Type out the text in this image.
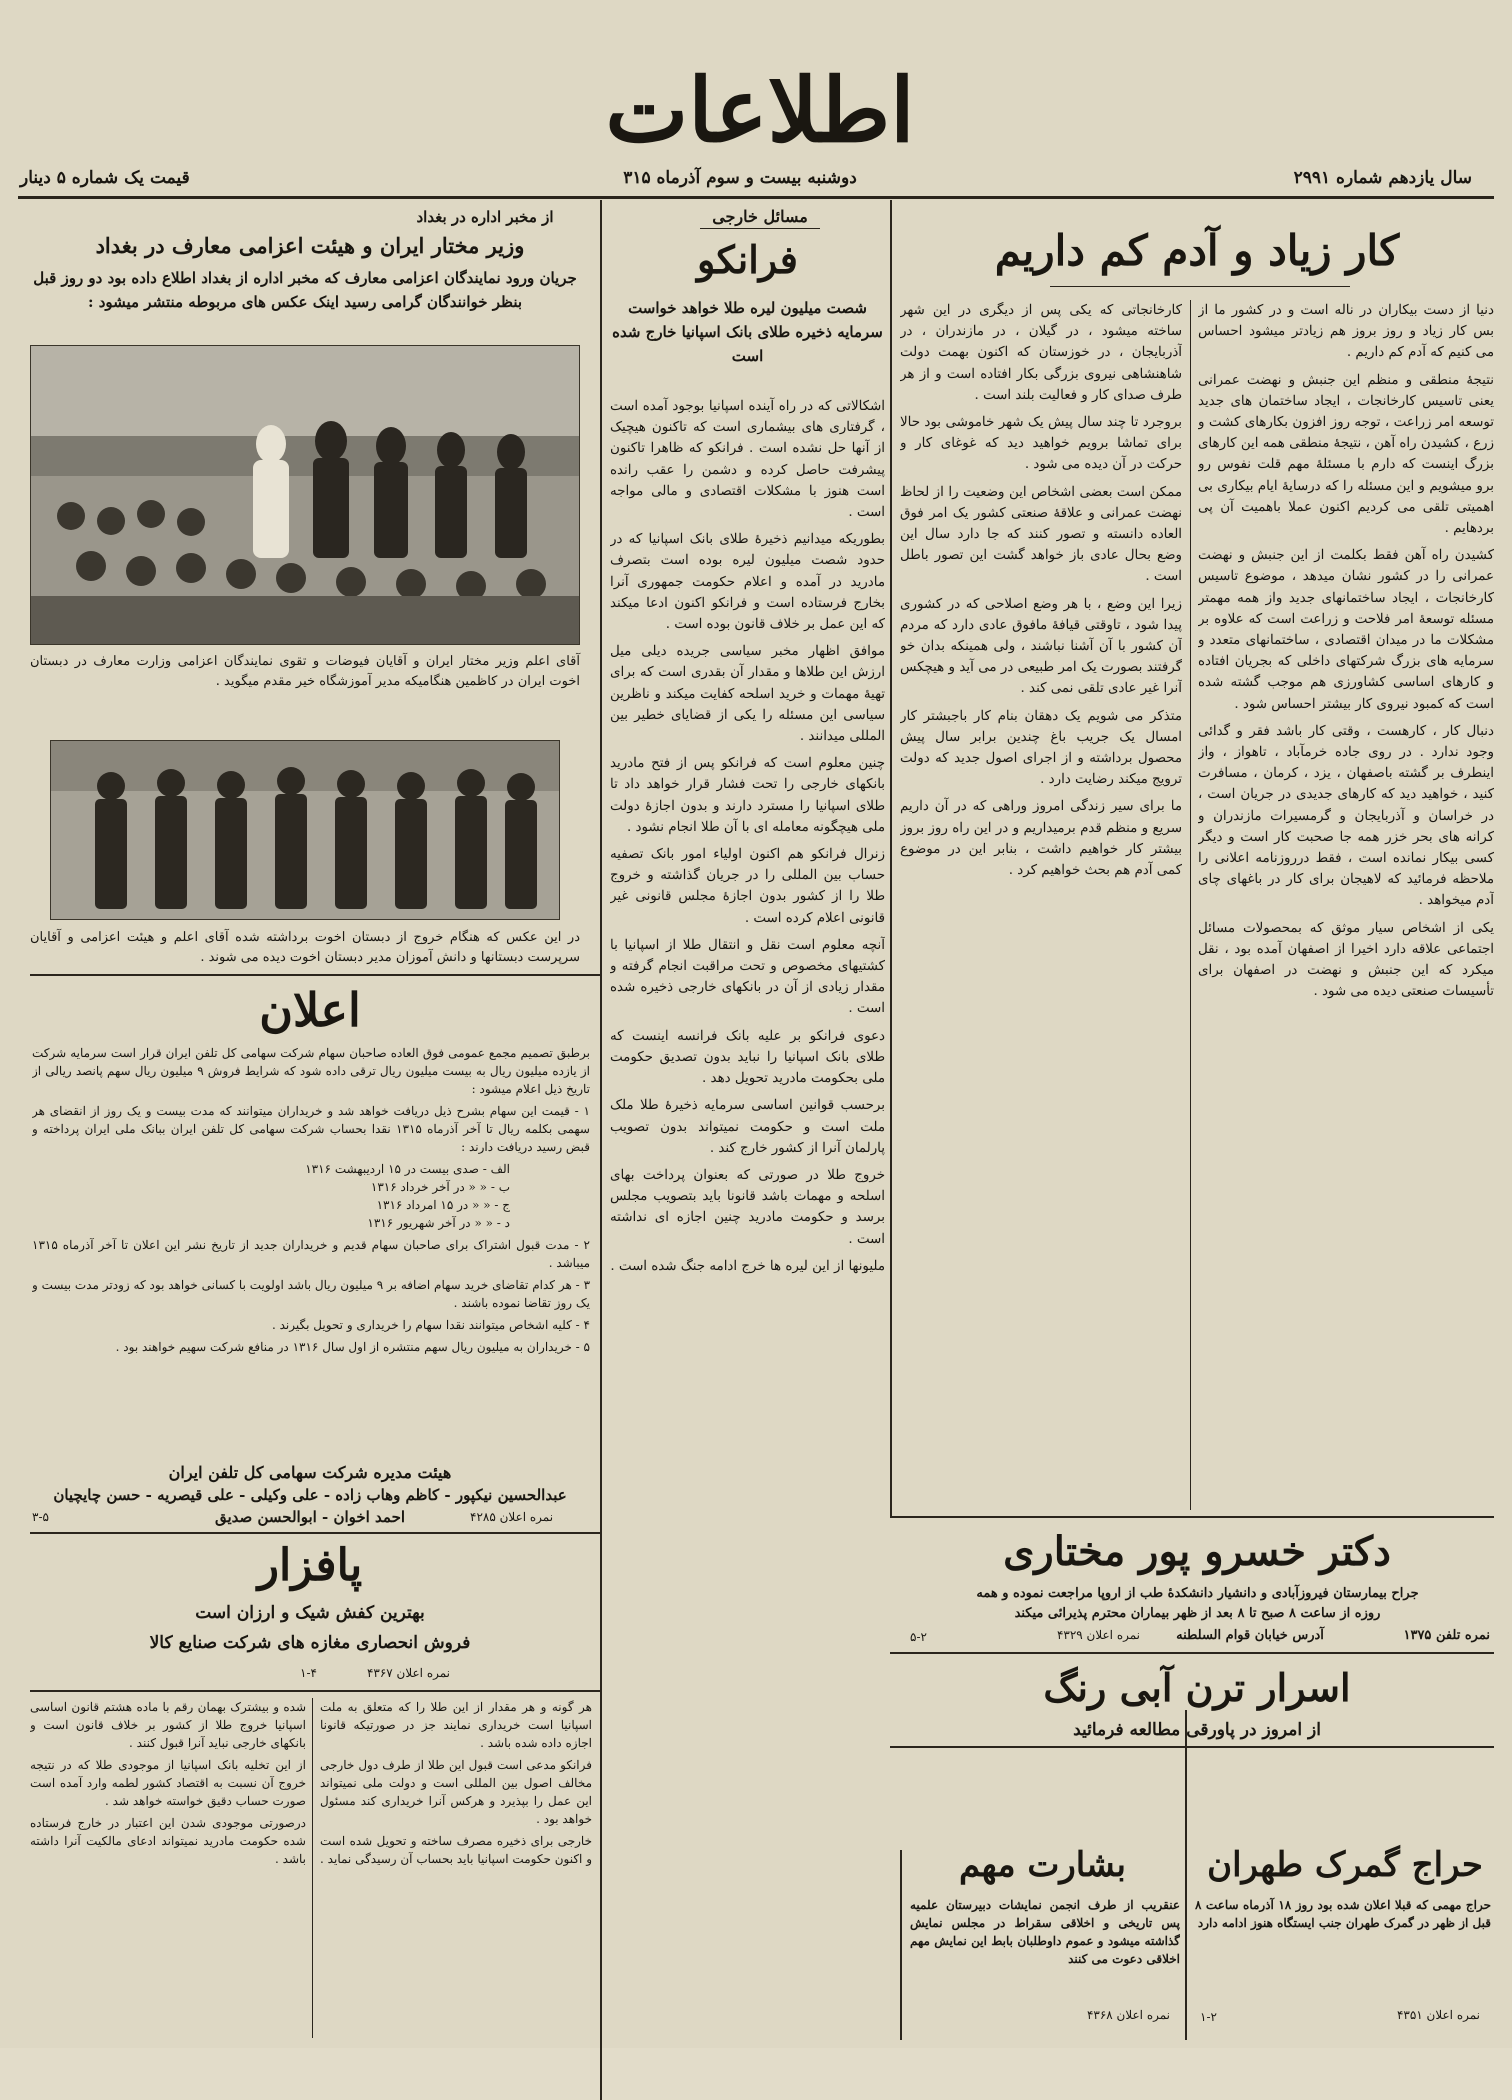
اطلاعات
سال یازدهم شماره ۲۹۹۱
دوشنبه بیست و سوم آذرماه ۳۱۵
قیمت یک شماره ۵ دینار
کار زیاد و آدم کم داریم

دنیا از دست بیکاران در ناله است و در کشور ما از بس کار زیاد و روز بروز هم زیادتر میشود احساس می کنیم که آدم کم داریم .

نتیجهٔ منطقی و منظم این جنبش و نهضت عمرانی یعنی تاسیس کارخانجات ، ایجاد ساختمان های جدید توسعه امر زراعت ، توجه روز افزون بکارهای کشت و زرع ، کشیدن راه آهن ، نتیجهٔ منطقی همه این کارهای بزرگ اینست که دارم با مسئلهٔ مهم قلت نفوس رو برو میشویم و این مسئله را که درسایهٔ ایام بیکاری بی اهمیتی تلقی می کردیم اکنون عملا باهمیت آن پی بردهایم .

کشیدن راه آهن فقط بکلمت از این جنبش و نهضت عمرانی را در کشور نشان میدهد ، موضوع تاسیس کارخانجات ، ایجاد ساختمانهای جدید واز همه مهمتر مسئله توسعهٔ امر فلاحت و زراعت است که علاوه بر مشکلات ما در میدان اقتصادی ، ساختمانهای متعدد و سرمایه های بزرگ شرکتهای داخلی که بجریان افتاده و کارهای اساسی کشاورزی هم موجب گشته شده است که کمبود نیروی کار بیشتر احساس شود .

دنبال کار ، کارهست ، وقتی کار باشد فقر و گدائی وجود ندارد . در روی جاده خرمآباد ، تاهواز ، واز اینطرف بر گشته باصفهان ، یزد ، کرمان ، مسافرت کنید ، خواهید دید که کارهای جدیدی در جریان است ، در خراسان و آذربایجان و گرمسیرات مازندران و کرانه های بحر خزر همه جا صحبت کار است و دیگر کسی بیکار نمانده است ، فقط درروزنامه اعلانی را ملاحظه فرمائید که لاهیجان برای کار در باغهای چای آدم میخواهد .

یکی از اشخاص سیار موثق که بمحصولات مسائل اجتماعی علاقه دارد اخیرا از اصفهان آمده بود ، نقل میکرد که این جنبش و نهضت در اصفهان برای تأسیسات صنعتی دیده می شود .

کارخانجاتی که یکی پس از دیگری در این شهر ساخته میشود ، در گیلان ، در مازندران ، در آذربایجان ، در خوزستان که اکنون بهمت دولت شاهنشاهی نیروی بزرگی بکار افتاده است و از هر طرف صدای کار و فعالیت بلند است .

بروجرد تا چند سال پیش یک شهر خاموشی بود حالا برای تماشا برویم خواهید دید که غوغای کار و حرکت در آن دیده می شود .

ممکن است بعضی اشخاص این وضعیت را از لحاظ نهضت عمرانی و علاقهٔ صنعتی کشور یک امر فوق العاده دانسته و تصور کنند که جا دارد سال این وضع بحال عادی باز خواهد گشت این تصور باطل است .

زیرا این وضع ، با هر وضع اصلاحی که در کشوری پیدا شود ، تاوقتی قیافهٔ مافوق عادی دارد که مردم آن کشور با آن آشنا نباشند ، ولی همینکه بدان خو گرفتند بصورت یک امر طبیعی در می آید و هیچکس آنرا غیر عادی تلقی نمی کند .

متذکر می شویم یک دهقان بنام کار باجبشتر کار امسال یک جریب باغ چندین برابر سال پیش محصول برداشته و از اجرای اصول جدید که دولت ترویج میکند رضایت دارد .

ما برای سیر زندگی امروز وراهی که در آن داریم سریع و منظم قدم برمیداریم و در این راه روز بروز بیشتر کار خواهیم داشت ، بنابر این در موضوع کمی آدم هم بحث خواهیم کرد .

مسائل خارجی
فرانکو
شصت میلیون لیره طلا خواهد خواست سرمایه ذخیره طلای بانک اسپانیا خارج شده است

اشکالاتی که در راه آینده اسپانیا بوجود آمده است ، گرفتاری های بیشماری است که تاکنون هیچیک از آنها حل نشده است . فرانکو که ظاهرا تاکنون پیشرفت حاصل کرده و دشمن را عقب رانده است هنوز با مشکلات اقتصادی و مالی مواجه است .

بطوریکه میدانیم ذخیرهٔ طلای بانک اسپانیا که در حدود شصت میلیون لیره بوده است بتصرف مادرید در آمده و اعلام حکومت جمهوری آنرا بخارج فرستاده است و فرانکو اکنون ادعا میکند که این عمل بر خلاف قانون بوده است .

موافق اظهار مخبر سیاسی جریده دیلی میل ارزش این طلاها و مقدار آن بقدری است که برای تهیهٔ مهمات و خرید اسلحه کفایت میکند و ناظرین سیاسی این مسئله را یکی از قضایای خطیر بین المللی میدانند .

چنین معلوم است که فرانکو پس از فتح مادرید بانکهای خارجی را تحت فشار قرار خواهد داد تا طلای اسپانیا را مسترد دارند و بدون اجازهٔ دولت ملی هیچگونه معامله ای با آن طلا انجام نشود .

زنرال فرانکو هم اکنون اولیاء امور بانک تصفیه حساب بین المللی را در جریان گذاشته و خروج طلا را از کشور بدون اجازهٔ مجلس قانونی غیر قانونی اعلام کرده است .

آنچه معلوم است نقل و انتقال طلا از اسپانیا با کشتیهای مخصوص و تحت مراقبت انجام گرفته و مقدار زیادی از آن در بانکهای خارجی ذخیره شده است .

دعوی فرانکو بر علیه بانک فرانسه اینست که طلای بانک اسپانیا را نباید بدون تصدیق حکومت ملی بحکومت مادرید تحویل دهد .

برحسب قوانین اساسی سرمایه ذخیرهٔ طلا ملک ملت است و حکومت نمیتواند بدون تصویب پارلمان آنرا از کشور خارج کند .

خروج طلا در صورتی که بعنوان پرداخت بهای اسلحه و مهمات باشد قانونا باید بتصویب مجلس برسد و حکومت مادرید چنین اجازه ای نداشته است .

ملیونها از این لیره ها خرج ادامه جنگ شده است .

از مخبر اداره در بغداد
وزیر مختار ایران و هیئت اعزامی معارف در بغداد
جریان ورود نمایندگان اعزامی معارف که مخبر اداره از بغداد اطلاع داده بود دو روز قبل بنظر خوانندگان گرامی رسید اینک عکس های مربوطه منتشر میشود :
آقای اعلم وزیر مختار ایران و آقایان فیوضات و تقوی نمایندگان اعزامی وزارت معارف در دبستان اخوت ایران در کاظمین هنگامیکه مدیر آموزشگاه خیر مقدم میگوید .
در این عکس که هنگام خروج از دبستان اخوت برداشته شده آقای اعلم و هیئت اعزامی و آقایان سرپرست دبستانها و دانش آموزان مدیر دبستان اخوت دیده می شوند .
اعلان

برطبق تصمیم مجمع عمومی فوق العاده صاحبان سهام شرکت سهامی کل تلفن ایران قرار است سرمایه شرکت از یازده میلیون ریال به بیست میلیون ریال ترقی داده شود که شرایط فروش ۹ میلیون ریال سهم پانصد ریالی از تاریخ ذیل اعلام میشود :

۱ - قیمت این سهام بشرح ذیل دریافت خواهد شد و خریداران میتوانند که مدت بیست و یک روز از انقضای هر سهمی بکلمه ریال تا آخر آذرماه ۱۳۱۵ نقدا بحساب شرکت سهامی کل تلفن ایران ببانک ملی ایران پرداخته و قبض رسید دریافت دارند :

الف - صدی بیست در ۱۵ اردیبهشت ۱۳۱۶
ب - « « در آخر خرداد ۱۳۱۶
ج - « « در ۱۵ امرداد ۱۳۱۶
د - « « در آخر شهریور ۱۳۱۶

۲ - مدت قبول اشتراک برای صاحبان سهام قدیم و خریداران جدید از تاریخ نشر این اعلان تا آخر آذرماه ۱۳۱۵ میباشد .

۳ - هر کدام تقاضای خرید سهام اضافه بر ۹ میلیون ریال باشد اولویت با کسانی خواهد بود که زودتر مدت بیست و یک روز تقاضا نموده باشند .

۴ - کلیه اشخاص میتوانند نقدا سهام را خریداری و تحویل بگیرند .

۵ - خریداران به میلیون ریال سهم منتشره از اول سال ۱۳۱۶ در منافع شرکت سهیم خواهند بود .

هیئت مدیره شرکت سهامی کل تلفن ایران
عبدالحسین نیکپور - کاظم وهاب زاده - علی وکیلی - علی قیصریه - حسن چایچیان
احمد اخوان - ابوالحسن صدیق	نمره اعلان ۴۲۸۵
۳-۵
پافزار
بهترین کفش شیک و ارزان است
فروش انحصاری مغازه های شرکت صنایع کالا
نمره اعلان ۴۳۶۷
۱-۴

هر گونه و هر مقدار از این طلا را که متعلق به ملت اسپانیا است خریداری نمایند جز در صورتیکه قانونا اجازه داده شده باشد .

فرانکو مدعی است قبول این طلا از طرف دول خارجی مخالف اصول بین المللی است و دولت ملی نمیتواند این عمل را بپذیرد و هرکس آنرا خریداری کند مسئول خواهد بود .

خارجی برای ذخیره مصرف ساخته و تحویل شده است و اکنون حکومت اسپانیا باید بحساب آن رسیدگی نماید .

شده و بیشترک بهمان رقم با ماده هشتم قانون اساسی اسپانیا خروج طلا از کشور بر خلاف قانون است و بانکهای خارجی نباید آنرا قبول کنند .

از این تخلیه بانک اسپانیا از موجودی طلا که در نتیجه خروج آن نسبت به اقتصاد کشور لطمه وارد آمده است صورت حساب دقیق خواسته خواهد شد .

درصورتی موجودی شدن این اعتبار در خارج فرستاده شده حکومت مادرید نمیتواند ادعای مالکیت آنرا داشته باشد .

دکتر خسرو پور مختاری
جراح بیمارستان فیروزآبادی و دانشیار دانشکدهٔ طب از اروپا مراجعت نموده و همه
روزه از ساعت ۸ صبح تا ۸ بعد از ظهر بیماران محترم پذیرائی میکند
نمره تلفن ۱۳۷۵
آدرس خیابان قوام السلطنه
نمره اعلان ۴۳۲۹
۵-۲
اسرار ترن آبی رنگ
از امروز در پاورقی مطالعه فرمائید
حراج گمرک طهران
حراج مهمی که قبلا اعلان شده بود روز ۱۸ آذرماه ساعت ۸ قبل از ظهر در گمرک طهران جنب ایستگاه هنوز ادامه دارد
نمره اعلان ۴۳۵۱
۱-۲
بشارت مهم
عنقریب از طرف انجمن نمایشات دبیرستان علمیه پس تاریخی و اخلاقی سقراط در مجلس نمایش گذاشته میشود و عموم داوطلبان بابط این نمایش مهم اخلاقی دعوت می کنند
نمره اعلان ۴۳۶۸
